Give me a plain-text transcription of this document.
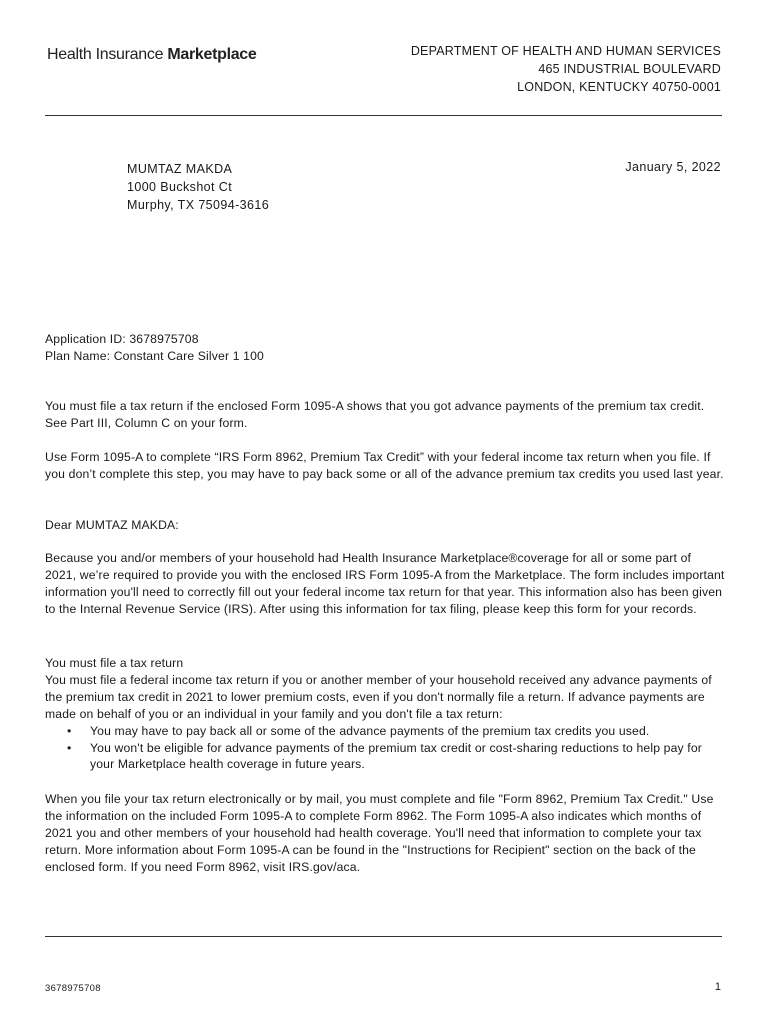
Health Insurance Marketplace	DEPARTMENT OF HEALTH AND HUMAN SERVICES
465 INDUSTRIAL BOULEVARD
LONDON, KENTUCKY 40750-0001
MUMTAZ MAKDA
1000 Buckshot Ct
Murphy, TX 75094-3616
January 5, 2022

Application ID: 3678975708

Plan Name: Constant Care Silver 1 100

You must file a tax return if the enclosed Form 1095-A shows that you got advance payments of the premium tax credit. See Part III, Column C on your form.

Use Form 1095-A to complete “IRS Form 8962, Premium Tax Credit” with your federal income tax return when you file. If you don’t complete this step, you may have to pay back some or all of the advance premium tax credits you used last year.

Dear MUMTAZ MAKDA:

Because you and/or members of your household had Health Insurance Marketplace®coverage for all or some part of 2021, we’re required to provide you with the enclosed IRS Form 1095-A from the Marketplace. The form includes important information you'll need to correctly fill out your federal income tax return for that year. This information also has been given to the Internal Revenue Service (IRS). After using this information for tax filing, please keep this form for your records.

You must file a tax return

You must file a federal income tax return if you or another member of your household received any advance payments of the premium tax credit in 2021 to lower premium costs, even if you don't normally file a return. If advance payments are made on behalf of you or an individual in your family and you don't file a tax return:

• You may have to pay back all or some of the advance payments of the premium tax credits you used.
• You won't be eligible for advance payments of the premium tax credit or cost-sharing reductions to help pay for your Marketplace health coverage in future years.

When you file your tax return electronically or by mail, you must complete and file "Form 8962, Premium Tax Credit." Use the information on the included Form 1095-A to complete Form 8962. The Form 1095-A also indicates which months of 2021 you and other members of your household had health coverage. You'll need that information to complete your tax return. More information about Form 1095-A can be found in the "Instructions for Recipient" section on the back of the enclosed form. If you need Form 8962, visit IRS.gov/aca.

3678975708	1
